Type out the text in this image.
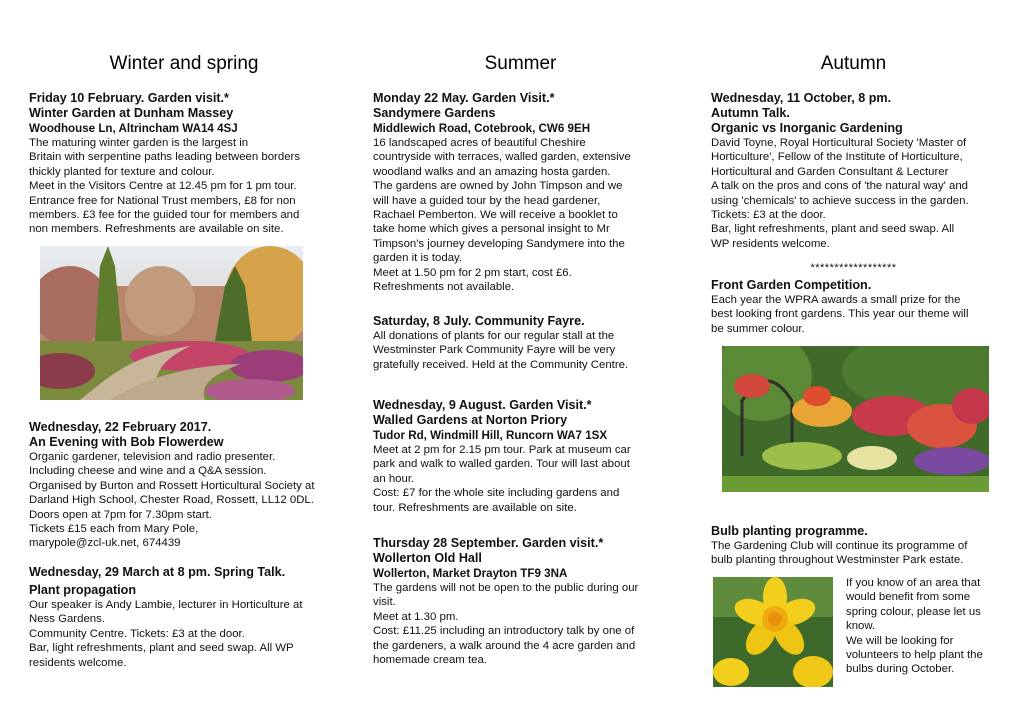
Winter and spring

Friday 10 February. Garden visit.*

Winter Garden at Dunham Massey

Woodhouse Ln, Altrincham WA14 4SJ

The maturing winter garden is the largest in
Britain with serpentine paths leading between borders
thickly planted for texture and colour.
Meet in the Visitors Centre at 12.45 pm for 1 pm tour.
Entrance free for National Trust members, £8 for non
members. £3 fee for the guided tour for members and
non members. Refreshments are available on site.

Wednesday, 22 February 2017.

An Evening with Bob Flowerdew

Organic gardener, television and radio presenter.
Including cheese and wine and a Q&A session.
Organised by Burton and Rossett Horticultural Society at
Darland High School, Chester Road, Rossett, LL12 0DL.
Doors open at 7pm for 7.30pm start.
Tickets £15 each from Mary Pole,
marypole@zcl-uk.net, 674439

Wednesday, 29 March at 8 pm. Spring Talk.

Plant propagation

Our speaker is Andy Lambie, lecturer in Horticulture at
Ness Gardens.
Community Centre. Tickets: £3 at the door.
Bar, light refreshments, plant and seed swap. All WP
residents welcome.

Summer

Monday 22 May. Garden Visit.*

Sandymere Gardens

Middlewich Road, Cotebrook, CW6 9EH

16 landscaped acres of beautiful Cheshire
countryside with terraces, walled garden, extensive
woodland walks and an amazing hosta garden.
The gardens are owned by John Timpson and we
will have a guided tour by the head gardener,
Rachael Pemberton. We will receive a booklet to
take home which gives a personal insight to Mr
Timpson's journey developing Sandymere into the
garden it is today.
Meet at 1.50 pm for 2 pm start, cost £6.
Refreshments not available.

Saturday, 8 July. Community Fayre.

All donations of plants for our regular stall at the
Westminster Park Community Fayre will be very
gratefully received. Held at the Community Centre.

Wednesday, 9 August. Garden Visit.*

Walled Gardens at Norton Priory

Tudor Rd, Windmill Hill, Runcorn WA7 1SX

Meet at 2 pm for 2.15 pm tour. Park at museum car
park and walk to walled garden. Tour will last about
an hour.
Cost: £7 for the whole site including gardens and
tour. Refreshments are available on site.

Thursday 28 September. Garden visit.*

Wollerton Old Hall

Wollerton, Market Drayton TF9 3NA

The gardens will not be open to the public during our
visit.
Meet at 1.30 pm.
Cost: £11.25 including an introductory talk by one of
the gardeners, a walk around the 4 acre garden and
homemade cream tea.

Autumn

Wednesday, 11 October, 8 pm.

Autumn Talk.

Organic vs Inorganic Gardening

David Toyne, Royal Horticultural Society 'Master of
Horticulture', Fellow of the Institute of Horticulture,
Horticultural and Garden Consultant & Lecturer
A talk on the pros and cons of 'the natural way' and
using 'chemicals' to achieve success in the garden.
Tickets: £3 at the door.
Bar, light refreshments, plant and seed swap. All
WP residents welcome.

******************

Front Garden Competition.

Each year the WPRA awards a small prize for the
best looking front gardens. This year our theme will
be summer colour.

Bulb planting programme.

The Gardening Club will continue its programme of
bulb planting throughout Westminster Park estate.

If you know of an area that
would benefit from some
spring colour, please let us
know.
We will be looking for
volunteers to help plant the
bulbs during October.
